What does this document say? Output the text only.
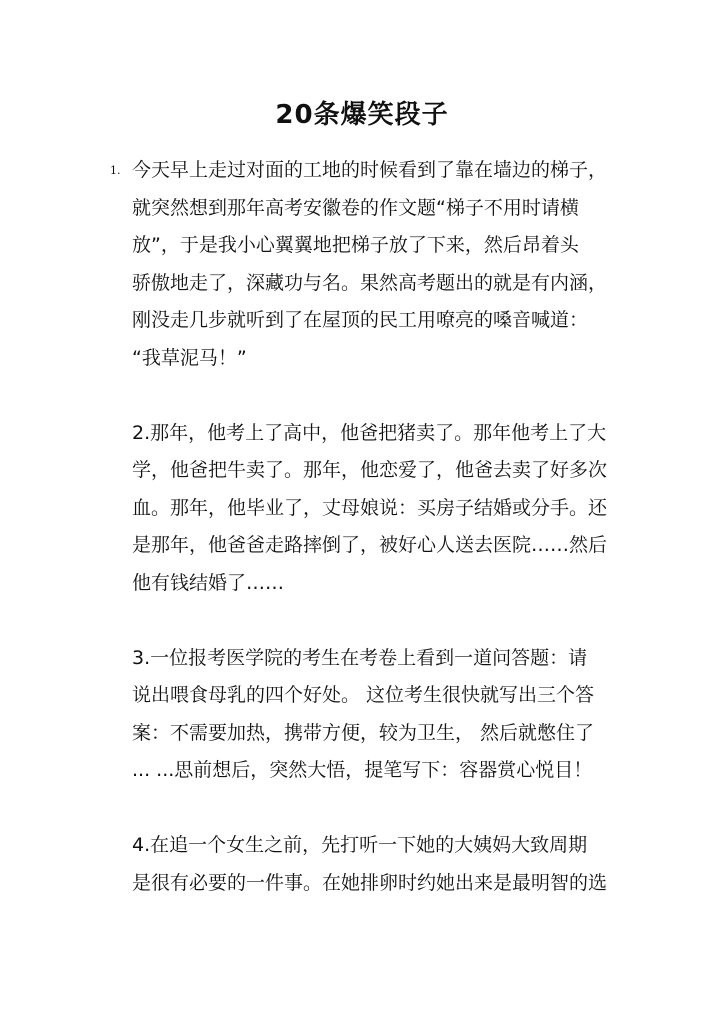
20条爆笑段子
1. 今天早上走过对面的工地的时候看到了靠在墙边的梯子，
就突然想到那年高考安徽卷的作文题“梯子不用时请横
放”，于是我小心翼翼地把梯子放了下来，然后昂着头
骄傲地走了，深藏功与名。果然高考题出的就是有内涵，
刚没走几步就听到了在屋顶的民工用嘹亮的嗓音喊道：
“我草泥马！”
2.那年，他考上了高中，他爸把猪卖了。那年他考上了大
学，他爸把牛卖了。那年，他恋爱了，他爸去卖了好多次
血。那年，他毕业了，丈母娘说：买房子结婚或分手。还
是那年，他爸爸走路摔倒了，被好心人送去医院……然后
他有钱结婚了……
3.一位报考医学院的考生在考卷上看到一道问答题：请
说出喂食母乳的四个好处。 这位考生很快就写出三个答
案：不需要加热，携带方便，较为卫生， 然后就憋住了
... ...思前想后，突然大悟，提笔写下：容器赏心悦目！
4.在追一个女生之前，先打听一下她的大姨妈大致周期
是很有必要的一件事。在她排卵时约她出来是最明智的选
